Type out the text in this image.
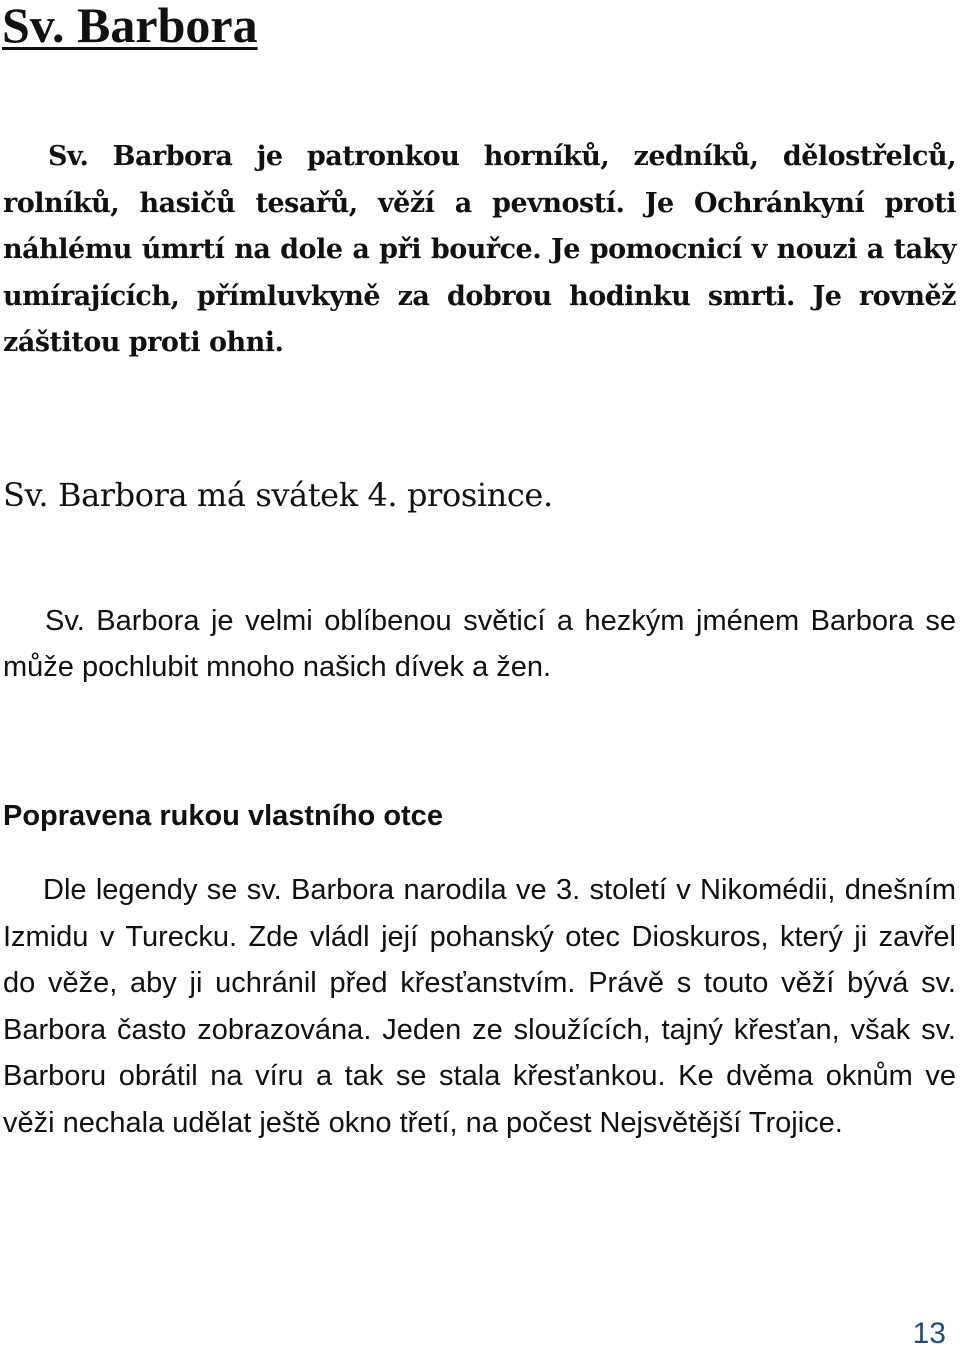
Sv. Barbora

Sv. Barbora je patronkou horníků, zedníků, dělostřelců, rolníků, hasičů tesařů, věží a pevností. Je Ochránkyní proti náhlému úmrtí na dole a při bouřce. Je pomocnicí v nouzi a taky umírajících, přímluvkyně za dobrou hodinku smrti. Je rovněž záštitou proti ohni.

Sv. Barbora má svátek 4. prosince.

Sv. Barbora je velmi oblíbenou světicí a hezkým jménem Barbora se může pochlubit mnoho našich dívek a žen.

Popravena rukou vlastního otce

Dle legendy se sv. Barbora narodila ve 3. století v Nikomédii, dnešním Izmidu v Turecku. Zde vládl její pohanský otec Dioskuros, který ji zavřel do věže, aby ji uchránil před křesťanstvím. Právě s touto věží bývá sv. Barbora často zobrazována. Jeden ze sloužících, tajný křesťan, však sv. Barboru obrátil na víru a tak se stala křesťankou. Ke dvěma oknům ve věži nechala udělat ještě okno třetí, na počest Nejsvětější Trojice.

13
